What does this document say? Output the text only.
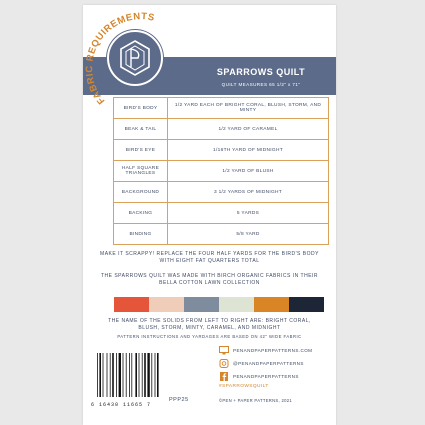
FABRIC REQUIREMENTS
SPARROWS QUILT
QUILT MEASURES 65 1/2" x 71"
BIRD'S BODY	1/2 YARD EACH OF BRIGHT CORAL, BLUSH, STORM, AND MINTY
BEAK & TAIL	1/2 YARD OF CARAMEL
BIRD'S EYE	1/16TH YARD OF MIDNIGHT
HALF SQUARE TRIANGLES	1/2 YARD OF BLUSH
BACKGROUND	3 1/2 YARDS OF MIDNIGHT
BACKING	5 YARDS
BINDING	5/8 YARD
MAKE IT SCRAPPY! REPLACE THE FOUR HALF YARDS FOR THE BIRD'S BODY WITH EIGHT FAT QUARTERS TOTAL
THE SPARROWS QUILT WAS MADE WITH BIRCH ORGANIC FABRICS IN THEIR BELLA COTTON LAWN COLLECTION
THE NAME OF THE SOLIDS FROM LEFT TO RIGHT ARE: BRIGHT CORAL, BLUSH, STORM, MINTY, CARAMEL, AND MIDNIGHT
PATTERN INSTRUCTIONS AND YARDAGES ARE BASED ON 42" WIDE FABRIC
6 16430 11665 7
PPP25
PENANDPAPERPATTERNS.COM
@PENANDPAPERPATTERNS
PENANDPAPERPATTERNS
#SPARROWSQUILT
©PEN + PAPER PATTERNS, 2021
